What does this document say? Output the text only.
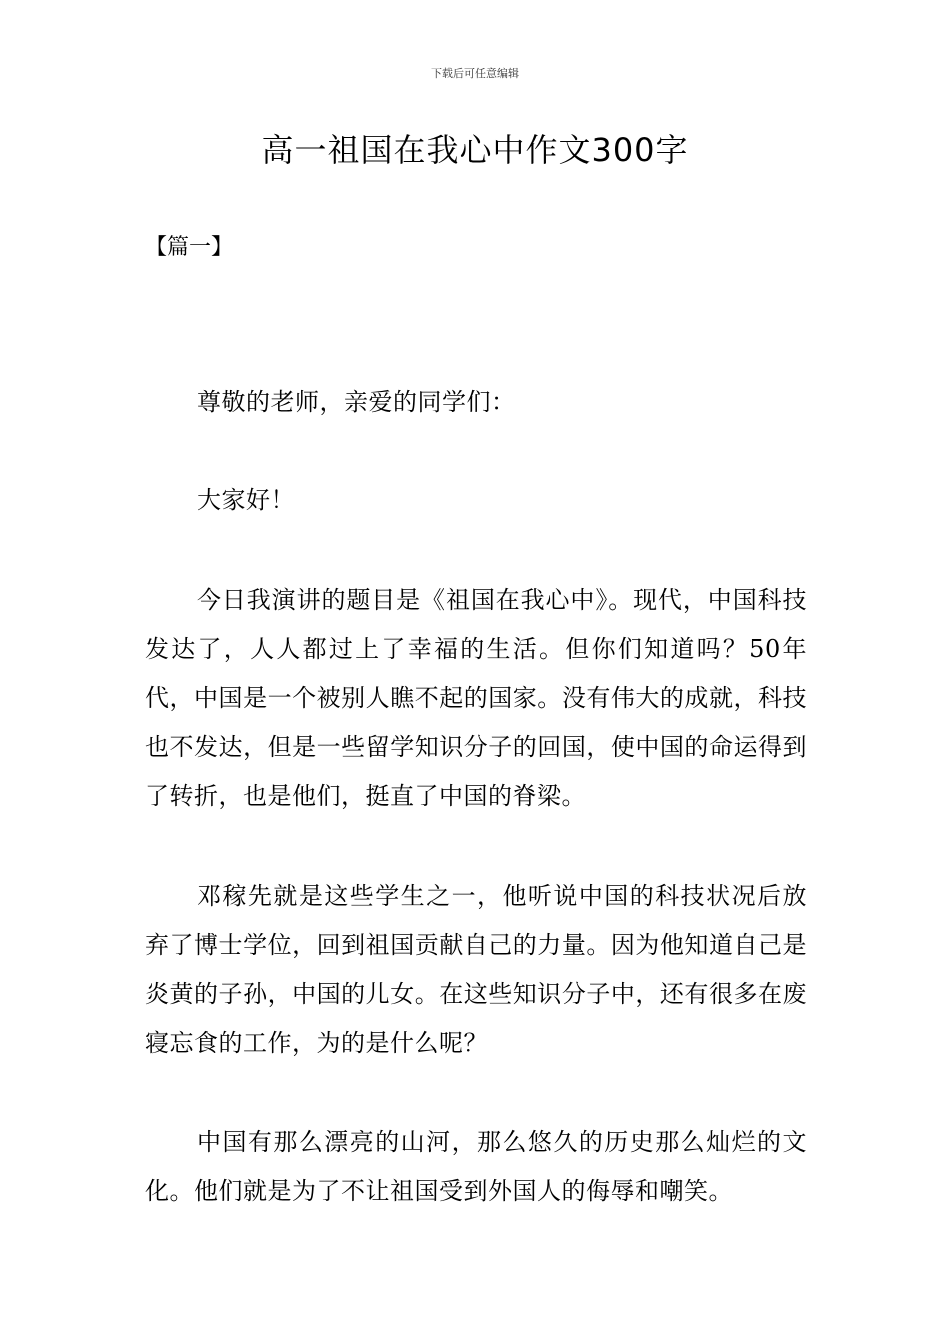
下载后可任意编辑
高一祖国在我心中作文300字
【篇一】

尊敬的老师，亲爱的同学们：

大家好！

今日我演讲的题目是《祖国在我心中》。现代，中国科技发达了，人人都过上了幸福的生活。但你们知道吗？50年代，中国是一个被别人瞧不起的国家。没有伟大的成就，科技也不发达，但是一些留学知识分子的回国，使中国的命运得到了转折，也是他们，挺直了中国的脊梁。

邓稼先就是这些学生之一，他听说中国的科技状况后放弃了博士学位，回到祖国贡献自己的力量。因为他知道自己是炎黄的子孙，中国的儿女。在这些知识分子中，还有很多在废寝忘食的工作，为的是什么呢？

中国有那么漂亮的山河，那么悠久的历史那么灿烂的文化。他们就是为了不让祖国受到外国人的侮辱和嘲笑。
